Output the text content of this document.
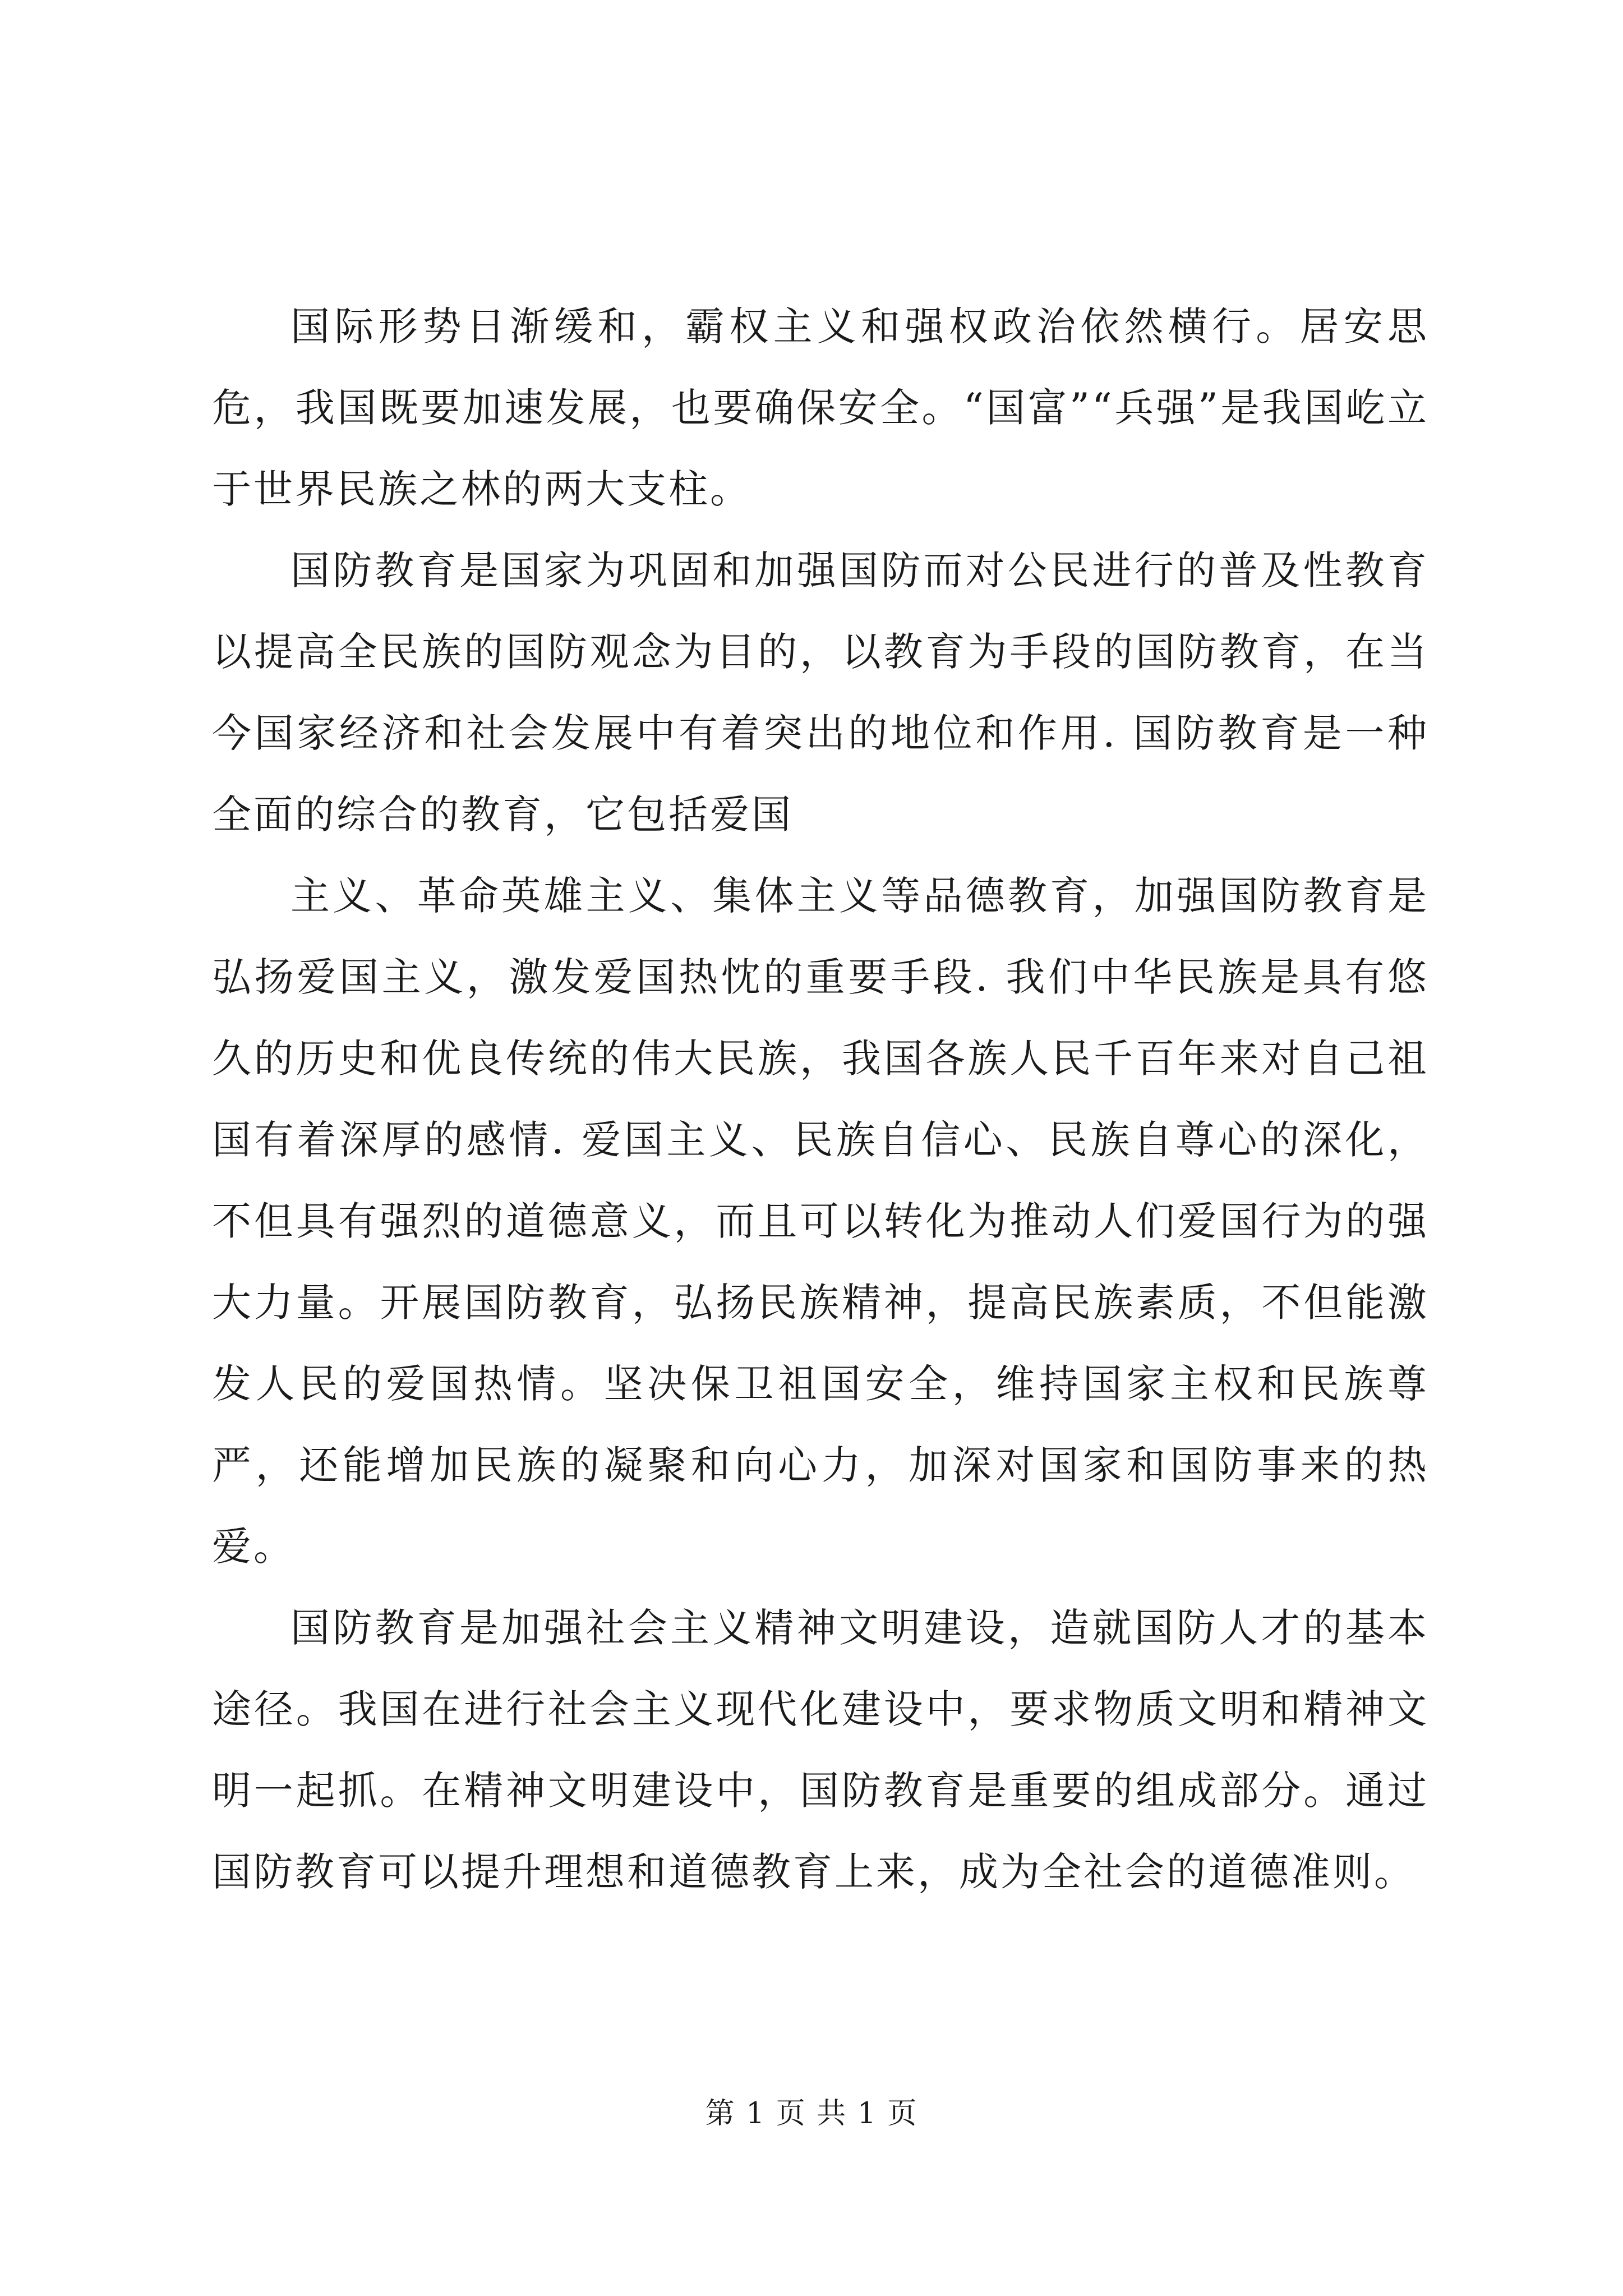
国际形势日渐缓和，霸权主义和强权政治依然横行。居安思危，我国既要加速发展，也要确保安全。“国富”“兵强”是我国屹立于世界民族之林的两大支柱。

国防教育是国家为巩固和加强国防而对公民进行的普及性教育以提高全民族的国防观念为目的，以教育为手段的国防教育，在当今国家经济和社会发展中有着突出的地位和作用. 国防教育是一种全面的综合的教育，它包括爱国

主义、革命英雄主义、集体主义等品德教育，加强国防教育是弘扬爱国主义，激发爱国热忱的重要手段. 我们中华民族是具有悠久的历史和优良传统的伟大民族，我国各族人民千百年来对自己祖国有着深厚的感情. 爱国主义、民族自信心、民族自尊心的深化，不但具有强烈的道德意义，而且可以转化为推动人们爱国行为的强大力量。开展国防教育，弘扬民族精神，提高民族素质，不但能激发人民的爱国热情。坚决保卫祖国安全，维持国家主权和民族尊严，还能增加民族的凝聚和向心力，加深对国家和国防事来的热爱。

国防教育是加强社会主义精神文明建设，造就国防人才的基本途径。我国在进行社会主义现代化建设中，要求物质文明和精神文明一起抓。在精神文明建设中，国防教育是重要的组成部分。通过国防教育可以提升理想和道德教育上来，成为全社会的道德准则。

第 1 页 共 1 页
